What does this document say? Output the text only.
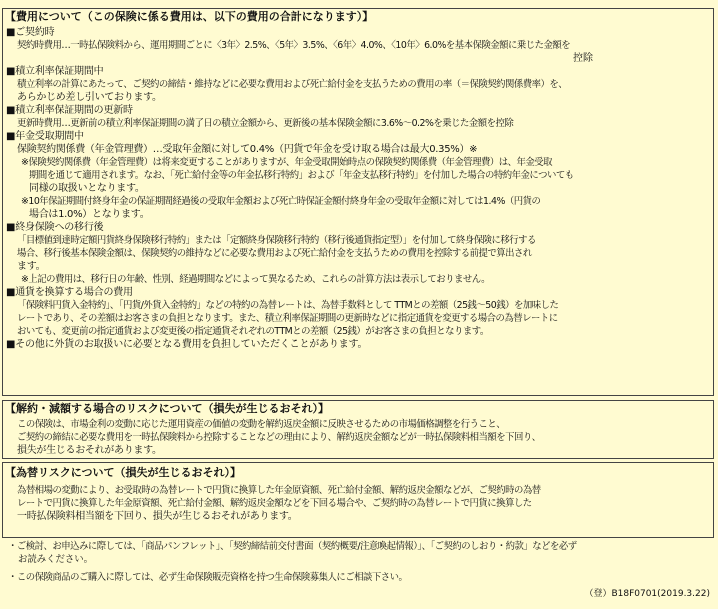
【費用について（この保険に係る費用は、以下の費用の合計になります）】
■ご契約時
契約時費用…一時払保険料から、運用期間ごとに〈3年〉2.5%、〈5年〉3.5%、〈6年〉4.0%、〈10年〉6.0%を基本保険金額に乗じた金額を
控除
■積立利率保証期間中
積立利率の計算にあたって、ご契約の締結・維持などに必要な費用および死亡給付金を支払うための費用の率（＝保険契約関係費率）を、
あらかじめ差し引いております。
■積立利率保証期間の更新時
更新時費用…更新前の積立利率保証期間の満了日の積立金額から、更新後の基本保険金額に3.6%〜0.2%を乗じた金額を控除
■年金受取期間中
保険契約関係費（年金管理費）…受取年金額に対して0.4%（円貨で年金を受け取る場合は最大0.35%）※
※保険契約関係費（年金管理費）は将来変更することがありますが、年金受取開始時点の保険契約関係費（年金管理費）は、年金受取
期間を通じて適用されます。なお、「死亡給付金等の年金払移行特約」および「年金支払移行特約」を付加した場合の特約年金についても
同様の取扱いとなります。
※10年保証期間付終身年金の保証期間経過後の受取年金額および死亡時保証金額付終身年金の受取年金額に対しては1.4%（円貨の
場合は1.0%）となります。
■終身保険への移行後
「目標値到達時定額円貨終身保険移行特約」または「定額終身保険移行特約（移行後通貨指定型）」を付加して終身保険に移行する
場合、移行後基本保険金額は、保険契約の維持などに必要な費用および死亡給付金を支払うための費用を控除する前提で算出され
ます。
※上記の費用は、移行日の年齢、性別、経過期間などによって異なるため、これらの計算方法は表示しておりません。
■通貨を換算する場合の費用
「保険料円貨入金特約」、「円貨/外貨入金特約」などの特約の為替レートは、為替手数料として TTMとの差額（25銭〜50銭）を加味した
レートであり、その差額はお客さまの負担となります。また、積立利率保証期間の更新時などに指定通貨を変更する場合の為替レートに
おいても、変更前の指定通貨および変更後の指定通貨それぞれのTTMとの差額（25銭）がお客さまの負担となります。
■その他に外貨のお取扱いに必要となる費用を負担していただくことがあります。
【解約・減額する場合のリスクについて（損失が生じるおそれ）】
この保険は、市場金利の変動に応じた運用資産の価値の変動を解約返戻金額に反映させるための市場価格調整を行うこと、
ご契約の締結に必要な費用を一時払保険料から控除することなどの理由により、解約返戻金額などが一時払保険料相当額を下回り、
損失が生じるおそれがあります。
【為替リスクについて（損失が生じるおそれ）】
為替相場の変動により、お受取時の為替レートで円貨に換算した年金原資額、死亡給付金額、解約返戻金額などが、ご契約時の為替
レートで円貨に換算した年金原資額、死亡給付金額、解約返戻金額などを下回る場合や、ご契約時の為替レートで円貨に換算した
一時払保険料相当額を下回り、損失が生じるおそれがあります。
・ご検討、お申込みに際しては、「商品パンフレット」、「契約締結前交付書面（契約概要/注意喚起情報）」、「ご契約のしおり・約款」などを必ず
お読みください。
・この保険商品のご購入に際しては、必ず生命保険販売資格を持つ生命保険募集人にご相談下さい。
（登）B18F0701(2019.3.22)
